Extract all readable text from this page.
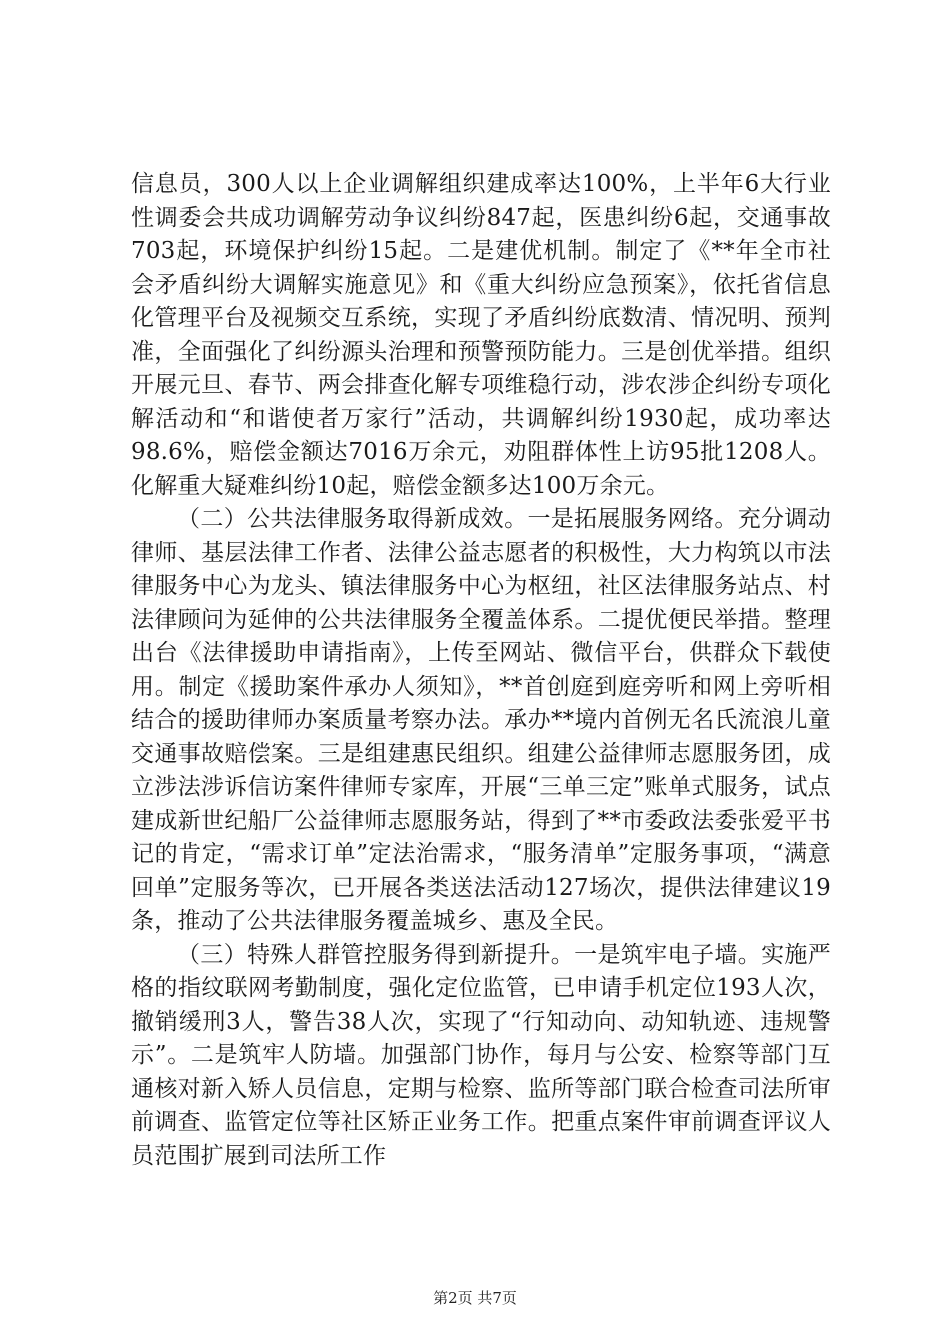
信息员，300人以上企业调解组织建成率达100%，上半年6大行业性调委会共成功调解劳动争议纠纷847起，医患纠纷6起，交通事故703起，环境保护纠纷15起。二是建优机制。制定了《**年全市社会矛盾纠纷大调解实施意见》和《重大纠纷应急预案》，依托省信息化管理平台及视频交互系统，实现了矛盾纠纷底数清、情况明、预判准，全面强化了纠纷源头治理和预警预防能力。三是创优举措。组织开展元旦、春节、两会排查化解专项维稳行动，涉农涉企纠纷专项化解活动和“和谐使者万家行”活动，共调解纠纷1930起，成功率达98.6%，赔偿金额达7016万余元，劝阻群体性上访95批1208人。化解重大疑难纠纷10起，赔偿金额多达100万余元。

（二）公共法律服务取得新成效。一是拓展服务网络。充分调动律师、基层法律工作者、法律公益志愿者的积极性，大力构筑以市法律服务中心为龙头、镇法律服务中心为枢纽，社区法律服务站点、村法律顾问为延伸的公共法律服务全覆盖体系。二提优便民举措。整理出台《法律援助申请指南》，上传至网站、微信平台，供群众下载使用。制定《援助案件承办人须知》，**首创庭到庭旁听和网上旁听相结合的援助律师办案质量考察办法。承办**境内首例无名氏流浪儿童交通事故赔偿案。三是组建惠民组织。组建公益律师志愿服务团，成立涉法涉诉信访案件律师专家库，开展“三单三定”账单式服务，试点建成新世纪船厂公益律师志愿服务站，得到了**市委政法委张爱平书记的肯定，“需求订单”定法治需求，“服务清单”定服务事项，“满意回单”定服务等次，已开展各类送法活动127场次，提供法律建议19条，推动了公共法律服务覆盖城乡、惠及全民。

（三）特殊人群管控服务得到新提升。一是筑牢电子墙。实施严格的指纹联网考勤制度，强化定位监管，已申请手机定位193人次，撤销缓刑3人，警告38人次，实现了“行知动向、动知轨迹、违规警示”。二是筑牢人防墙。加强部门协作，每月与公安、检察等部门互通核对新入矫人员信息，定期与检察、监所等部门联合检查司法所审前调查、监管定位等社区矫正业务工作。把重点案件审前调查评议人员范围扩展到司法所工作

第2页 共7页
